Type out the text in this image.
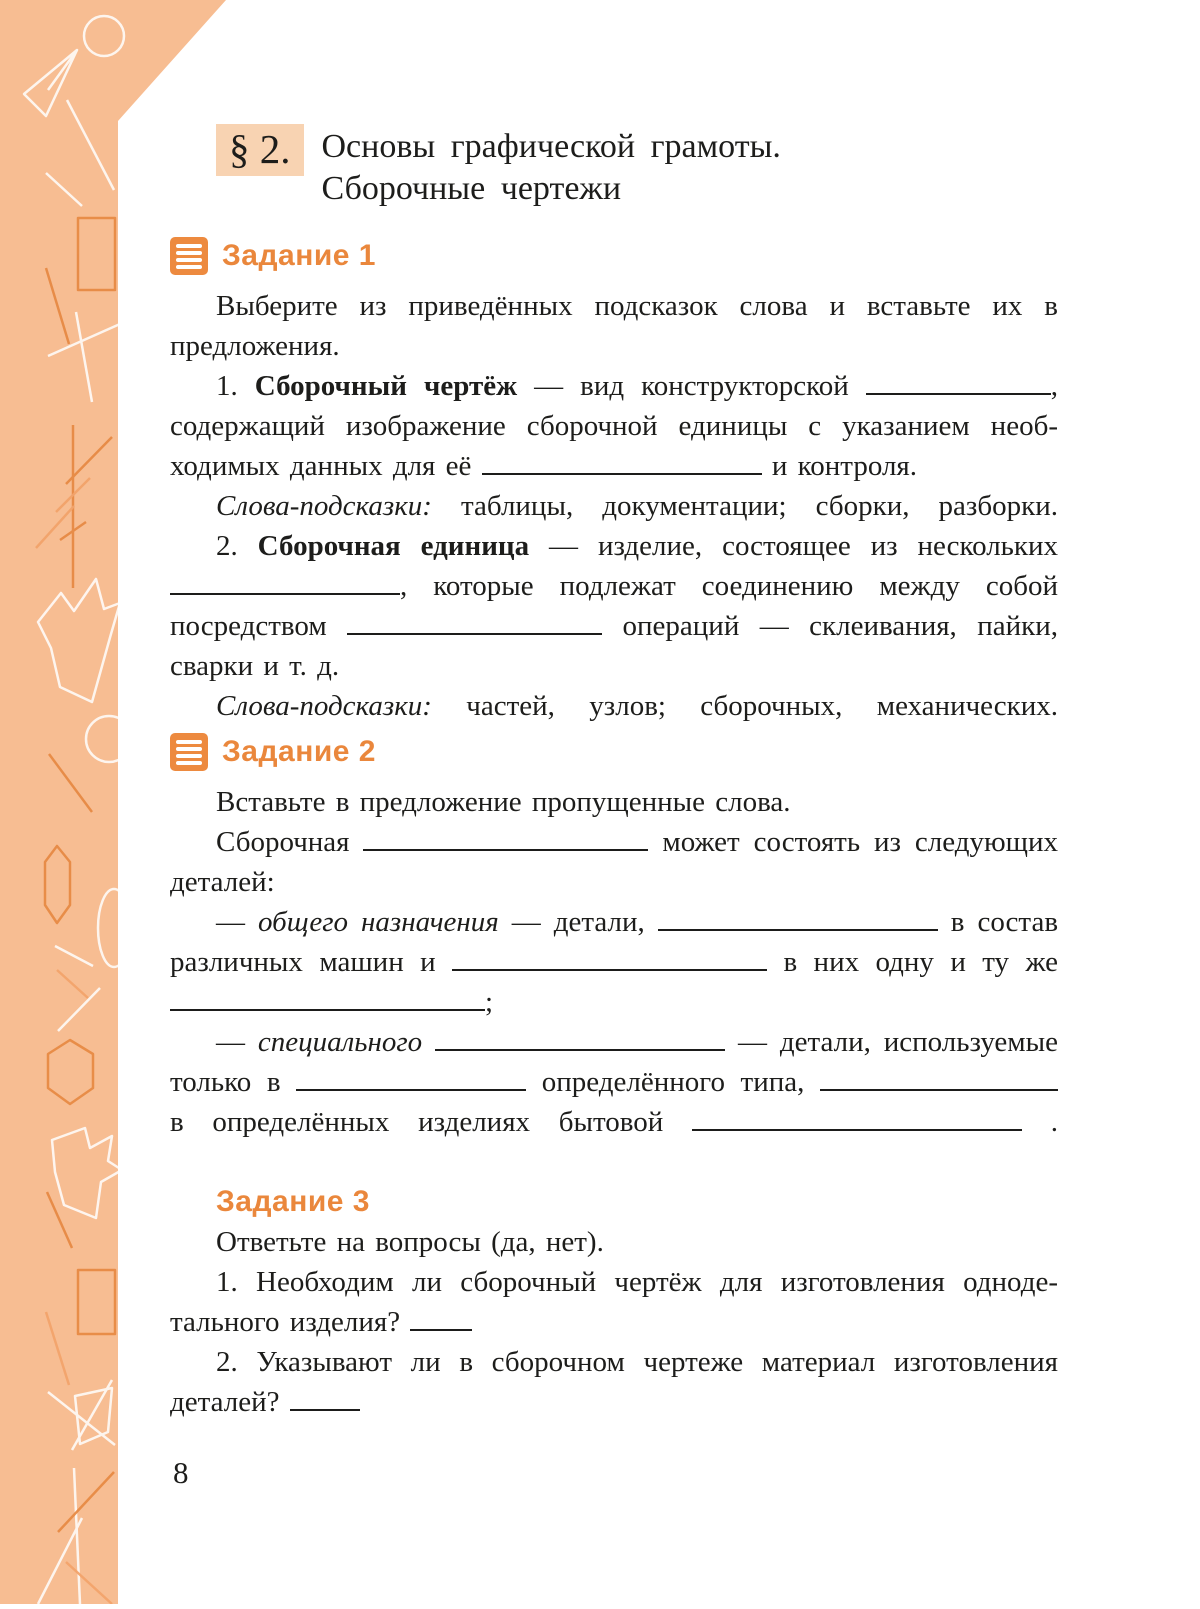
§ 2. Основы графической грамоты.
Сборочные чертежи
Задание 1
Выберите из приведённых подсказок слова и вставьте их в
предложения.
1. Сборочный чертёж — вид конструкторской	,
содержащий изображение сборочной единицы с указанием необ-
ходимых данных для её	и контроля.
Слова-подсказки: таблицы, документации; сборки, разборки.
2. Сборочная единица — изделие, состоящее из нескольких
, которые подлежат соединению между собой
посредством	операций — склеивания, пайки,
сварки и т. д.
Слова-подсказки: частей, узлов; сборочных, механических.
Задание 2
Вставьте в предложение пропущенные слова.
Сборочная	может состоять из следующих
деталей:
— общего назначения — детали,	в состав
различных машин и	в них одну и ту же
;
— специального	— детали, используемые
только в	определённого типа,
в определённых изделиях бытовой	.
Задание 3
Ответьте на вопросы (да, нет).
1. Необходим ли сборочный чертёж для изготовления одноде-
тального изделия?
2. Указывают ли в сборочном чертеже материал изготовления
деталей?
8
